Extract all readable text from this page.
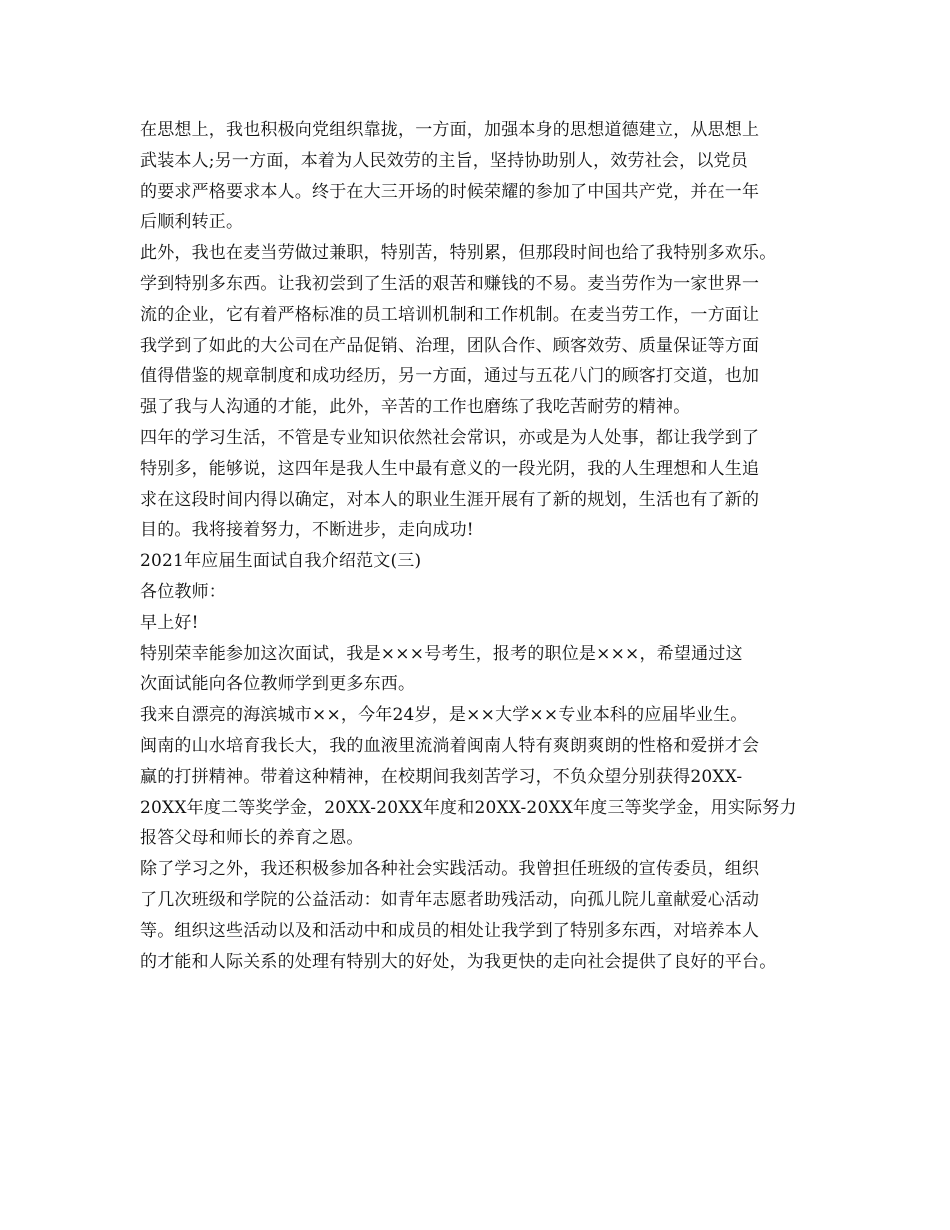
在思想上，我也积极向党组织靠拢，一方面，加强本身的思想道德建立，从思想上
武装本人;另一方面，本着为人民效劳的主旨，坚持协助别人，效劳社会，以党员
的要求严格要求本人。终于在大三开场的时候荣耀的参加了中国共产党，并在一年
后顺利转正。
此外，我也在麦当劳做过兼职，特别苦，特别累，但那段时间也给了我特别多欢乐。
学到特别多东西。让我初尝到了生活的艰苦和赚钱的不易。麦当劳作为一家世界一
流的企业，它有着严格标准的员工培训机制和工作机制。在麦当劳工作，一方面让
我学到了如此的大公司在产品促销、治理，团队合作、顾客效劳、质量保证等方面
值得借鉴的规章制度和成功经历，另一方面，通过与五花八门的顾客打交道，也加
强了我与人沟通的才能，此外，辛苦的工作也磨练了我吃苦耐劳的精神。
四年的学习生活，不管是专业知识依然社会常识，亦或是为人处事，都让我学到了
特别多，能够说，这四年是我人生中最有意义的一段光阴，我的人生理想和人生追
求在这段时间内得以确定，对本人的职业生涯开展有了新的规划，生活也有了新的
目的。我将接着努力，不断进步，走向成功!
2021年应届生面试自我介绍范文(三)
各位教师：
早上好!
特别荣幸能参加这次面试，我是×××号考生，报考的职位是×××，希望通过这
次面试能向各位教师学到更多东西。
我来自漂亮的海滨城市××，今年24岁，是××大学××专业本科的应届毕业生。
闽南的山水培育我长大，我的血液里流淌着闽南人特有爽朗爽朗的性格和爱拼才会
赢的打拼精神。带着这种精神，在校期间我刻苦学习，不负众望分别获得20XX-
20XX年度二等奖学金，20XX-20XX年度和20XX-20XX年度三等奖学金，用实际努力
报答父母和师长的养育之恩。
除了学习之外，我还积极参加各种社会实践活动。我曾担任班级的宣传委员，组织
了几次班级和学院的公益活动：如青年志愿者助残活动，向孤儿院儿童献爱心活动
等。组织这些活动以及和活动中和成员的相处让我学到了特别多东西，对培养本人
的才能和人际关系的处理有特别大的好处，为我更快的走向社会提供了良好的平台。
